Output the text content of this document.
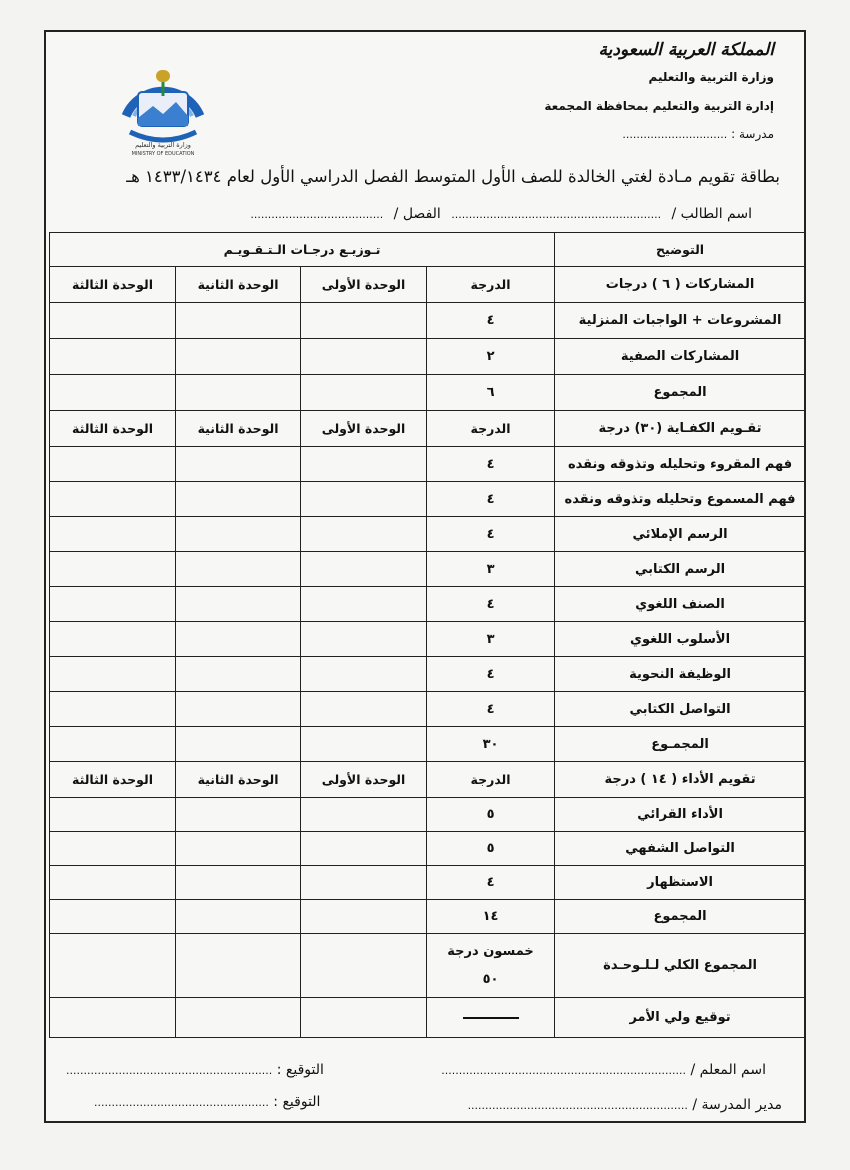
المملكة العربية السعودية
وزارة التربية والتعليم
إدارة التربية والتعليم بمحافظة المجمعة
مدرسة : ..............................
وزارة التربية والتعليم
MINISTRY OF EDUCATION
بطاقة تقويم مـادة لغتي الخالدة للصف الأول المتوسط الفصل الدراسي الأول لعام ١٤٣٣/١٤٣٤ هـ
اسم الطالب / ............................................................ الفصل / ......................................
التوضيح	تـوزيـع درجـات الـتـقـويـم			
المشاركات ( ٦ ) درجات	الدرجة	الوحدة الأولى	الوحدة الثانية	الوحدة الثالثة
المشروعات + الواجبات المنزلية	٤			
المشاركات الصفية	٢			
المجموع	٦			
تقـويم الكفـاية (٣٠) درجة	الدرجة	الوحدة الأولى	الوحدة الثانية	الوحدة الثالثة
فهم المقروء وتحليله وتذوقه ونقده	٤			
فهم المسموع وتحليله وتذوقه ونقده	٤			
الرسم الإملائي	٤			
الرسم الكتابي	٣			
الصنف اللغوي	٤			
الأسلوب اللغوي	٣			
الوظيفة النحوية	٤			
التواصل الكتابي	٤			
المجمـوع	٣٠			
تقويم الأداء ( ١٤ ) درجة	الدرجة	الوحدة الأولى	الوحدة الثانية	الوحدة الثالثة
الأداء القرائي	٥			
التواصل الشفهي	٥			
الاستظهار	٤			
المجموع	١٤			
المجموع الكلي لـلـوحـدة	خمسون درجة
٥٠			

توقيع ولي الأمر				
اسم المعلم / ......................................................................
التوقيع : ...........................................................
مدير المدرسة / ...............................................................
التوقيع : ..................................................
